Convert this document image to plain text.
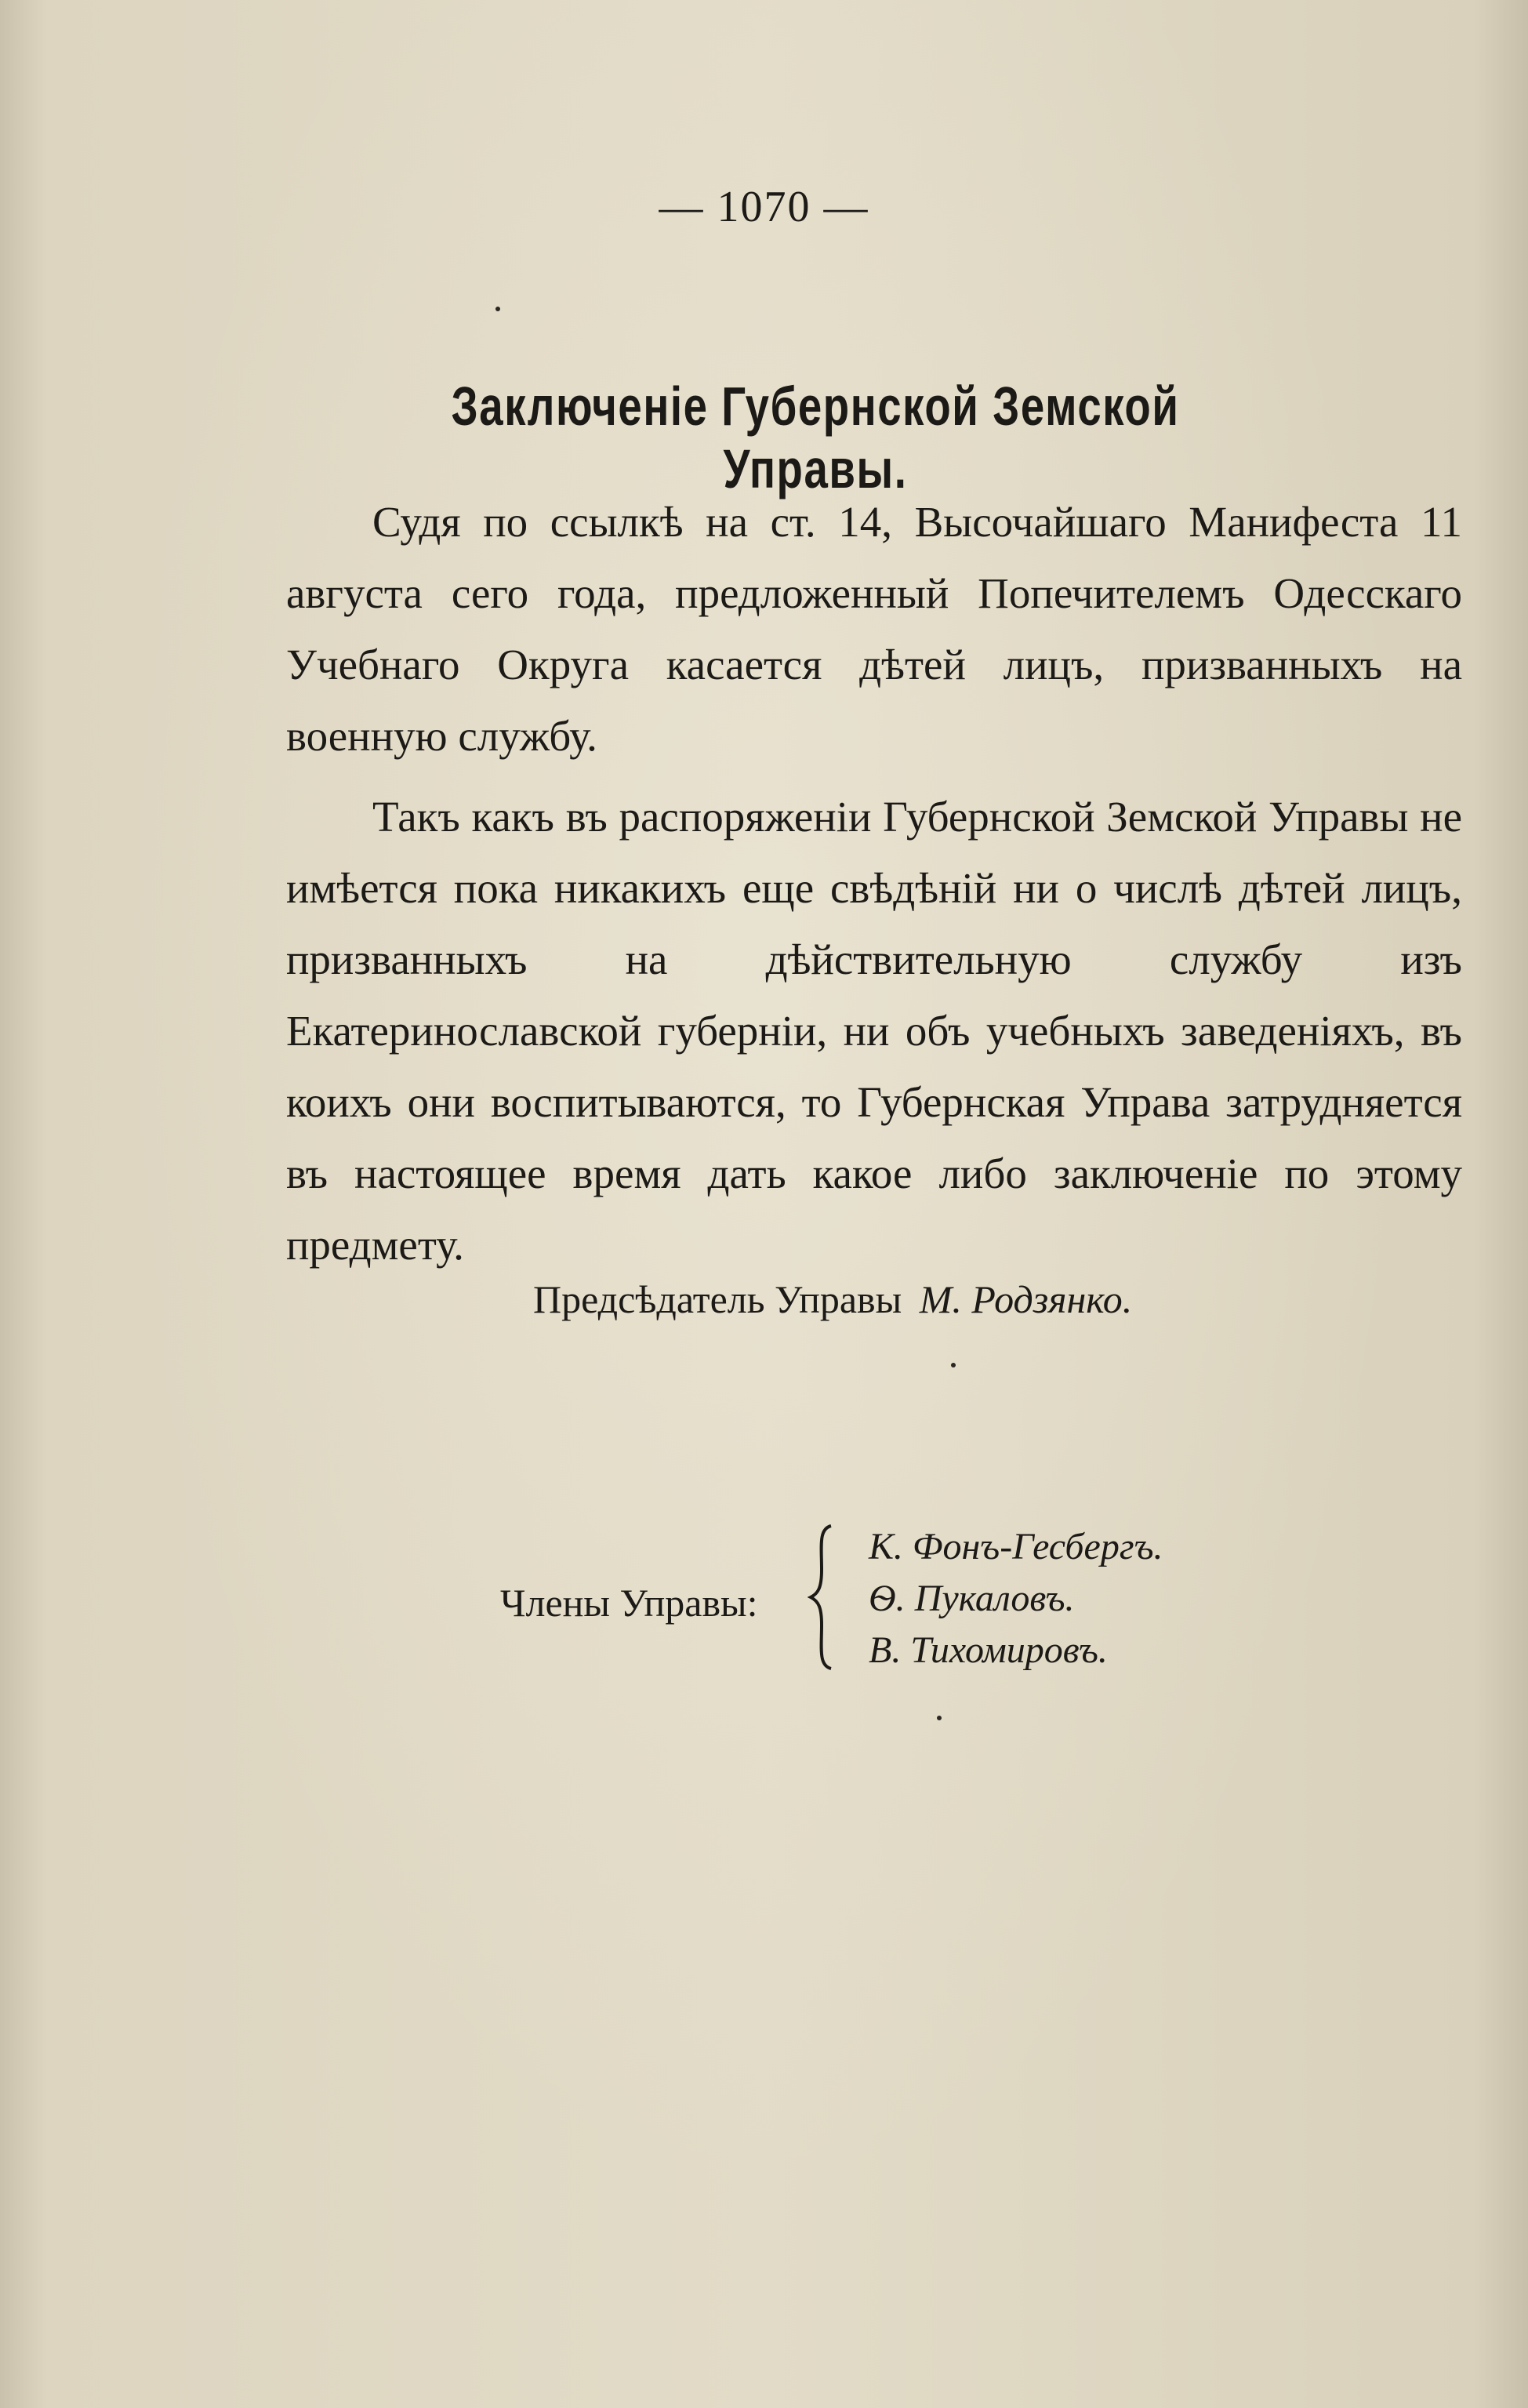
— 1070 —
Заключенiе Губернской Земской Управы.

Судя по ссылкѣ на ст. 14, Высочайшаго Манифеста 11 августа сего года, предложенный Попечителемъ Одесскаго Учебнаго Округа касается дѣтей лицъ, призванныхъ на военную службу.

Такъ какъ въ распоряженiи Губернской Земской Управы не имѣется пока никакихъ еще свѣдѣнiй ни о числѣ дѣтей лицъ, призванныхъ на дѣйствительную службу изъ Екатеринославской губернiи, ни объ учебныхъ заведенiяхъ, въ коихъ они воспитываются, то Губернская Управа затрудняется въ настоящее время дать какое либо заключенiе по этому предмету.

Предсѣдатель Управы М. Родзянко.
Члены Управы:
К. Фонъ-Гесбергъ.
Ѳ. Пукаловъ.
В. Тихомировъ.
